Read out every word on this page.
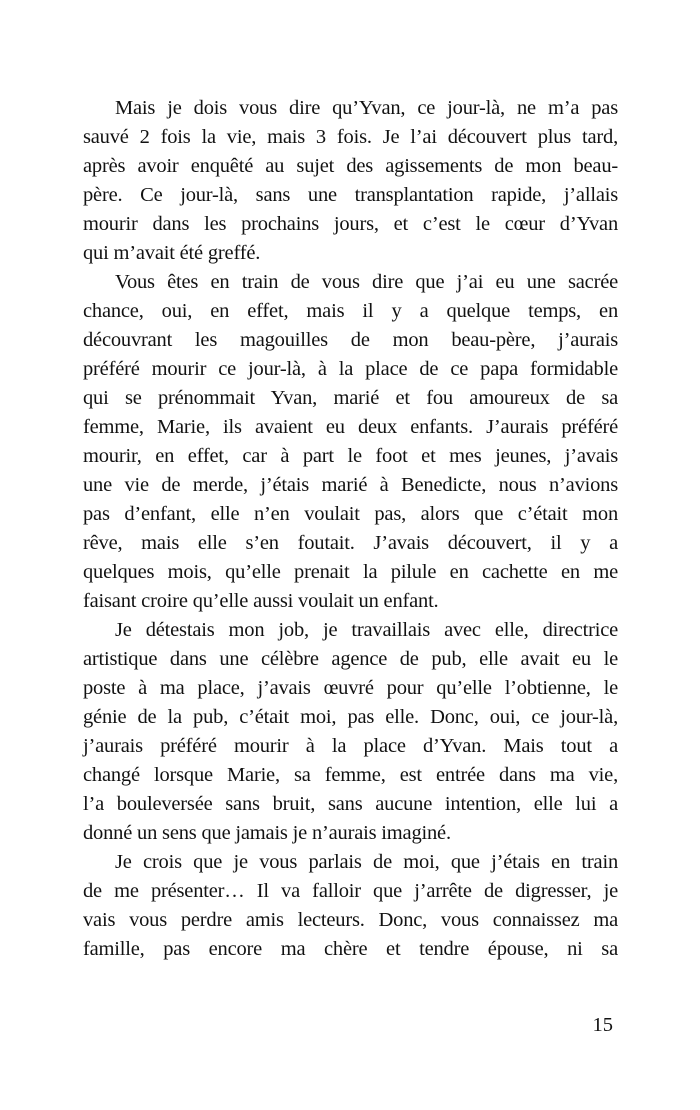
Mais je dois vous dire qu’Yvan, ce jour-là, ne m’a pas
sauvé 2 fois la vie, mais 3 fois. Je l’ai découvert plus tard,
après avoir enquêté au sujet des agissements de mon beau-
père. Ce jour-là, sans une transplantation rapide, j’allais
mourir dans les prochains jours, et c’est le cœur d’Yvan
qui m’avait été greffé.
Vous êtes en train de vous dire que j’ai eu une sacrée
chance, oui, en effet, mais il y a quelque temps, en
découvrant les magouilles de mon beau-père, j’aurais
préféré mourir ce jour-là, à la place de ce papa formidable
qui se prénommait Yvan, marié et fou amoureux de sa
femme, Marie, ils avaient eu deux enfants. J’aurais préféré
mourir, en effet, car à part le foot et mes jeunes, j’avais
une vie de merde, j’étais marié à Benedicte, nous n’avions
pas d’enfant, elle n’en voulait pas, alors que c’était mon
rêve, mais elle s’en foutait. J’avais découvert, il y a
quelques mois, qu’elle prenait la pilule en cachette en me
faisant croire qu’elle aussi voulait un enfant.
Je détestais mon job, je travaillais avec elle, directrice
artistique dans une célèbre agence de pub, elle avait eu le
poste à ma place, j’avais œuvré pour qu’elle l’obtienne, le
génie de la pub, c’était moi, pas elle. Donc, oui, ce jour-là,
j’aurais préféré mourir à la place d’Yvan. Mais tout a
changé lorsque Marie, sa femme, est entrée dans ma vie,
l’a bouleversée sans bruit, sans aucune intention, elle lui a
donné un sens que jamais je n’aurais imaginé.
Je crois que je vous parlais de moi, que j’étais en train
de me présenter… Il va falloir que j’arrête de digresser, je
vais vous perdre amis lecteurs. Donc, vous connaissez ma
famille, pas encore ma chère et tendre épouse, ni sa
15
